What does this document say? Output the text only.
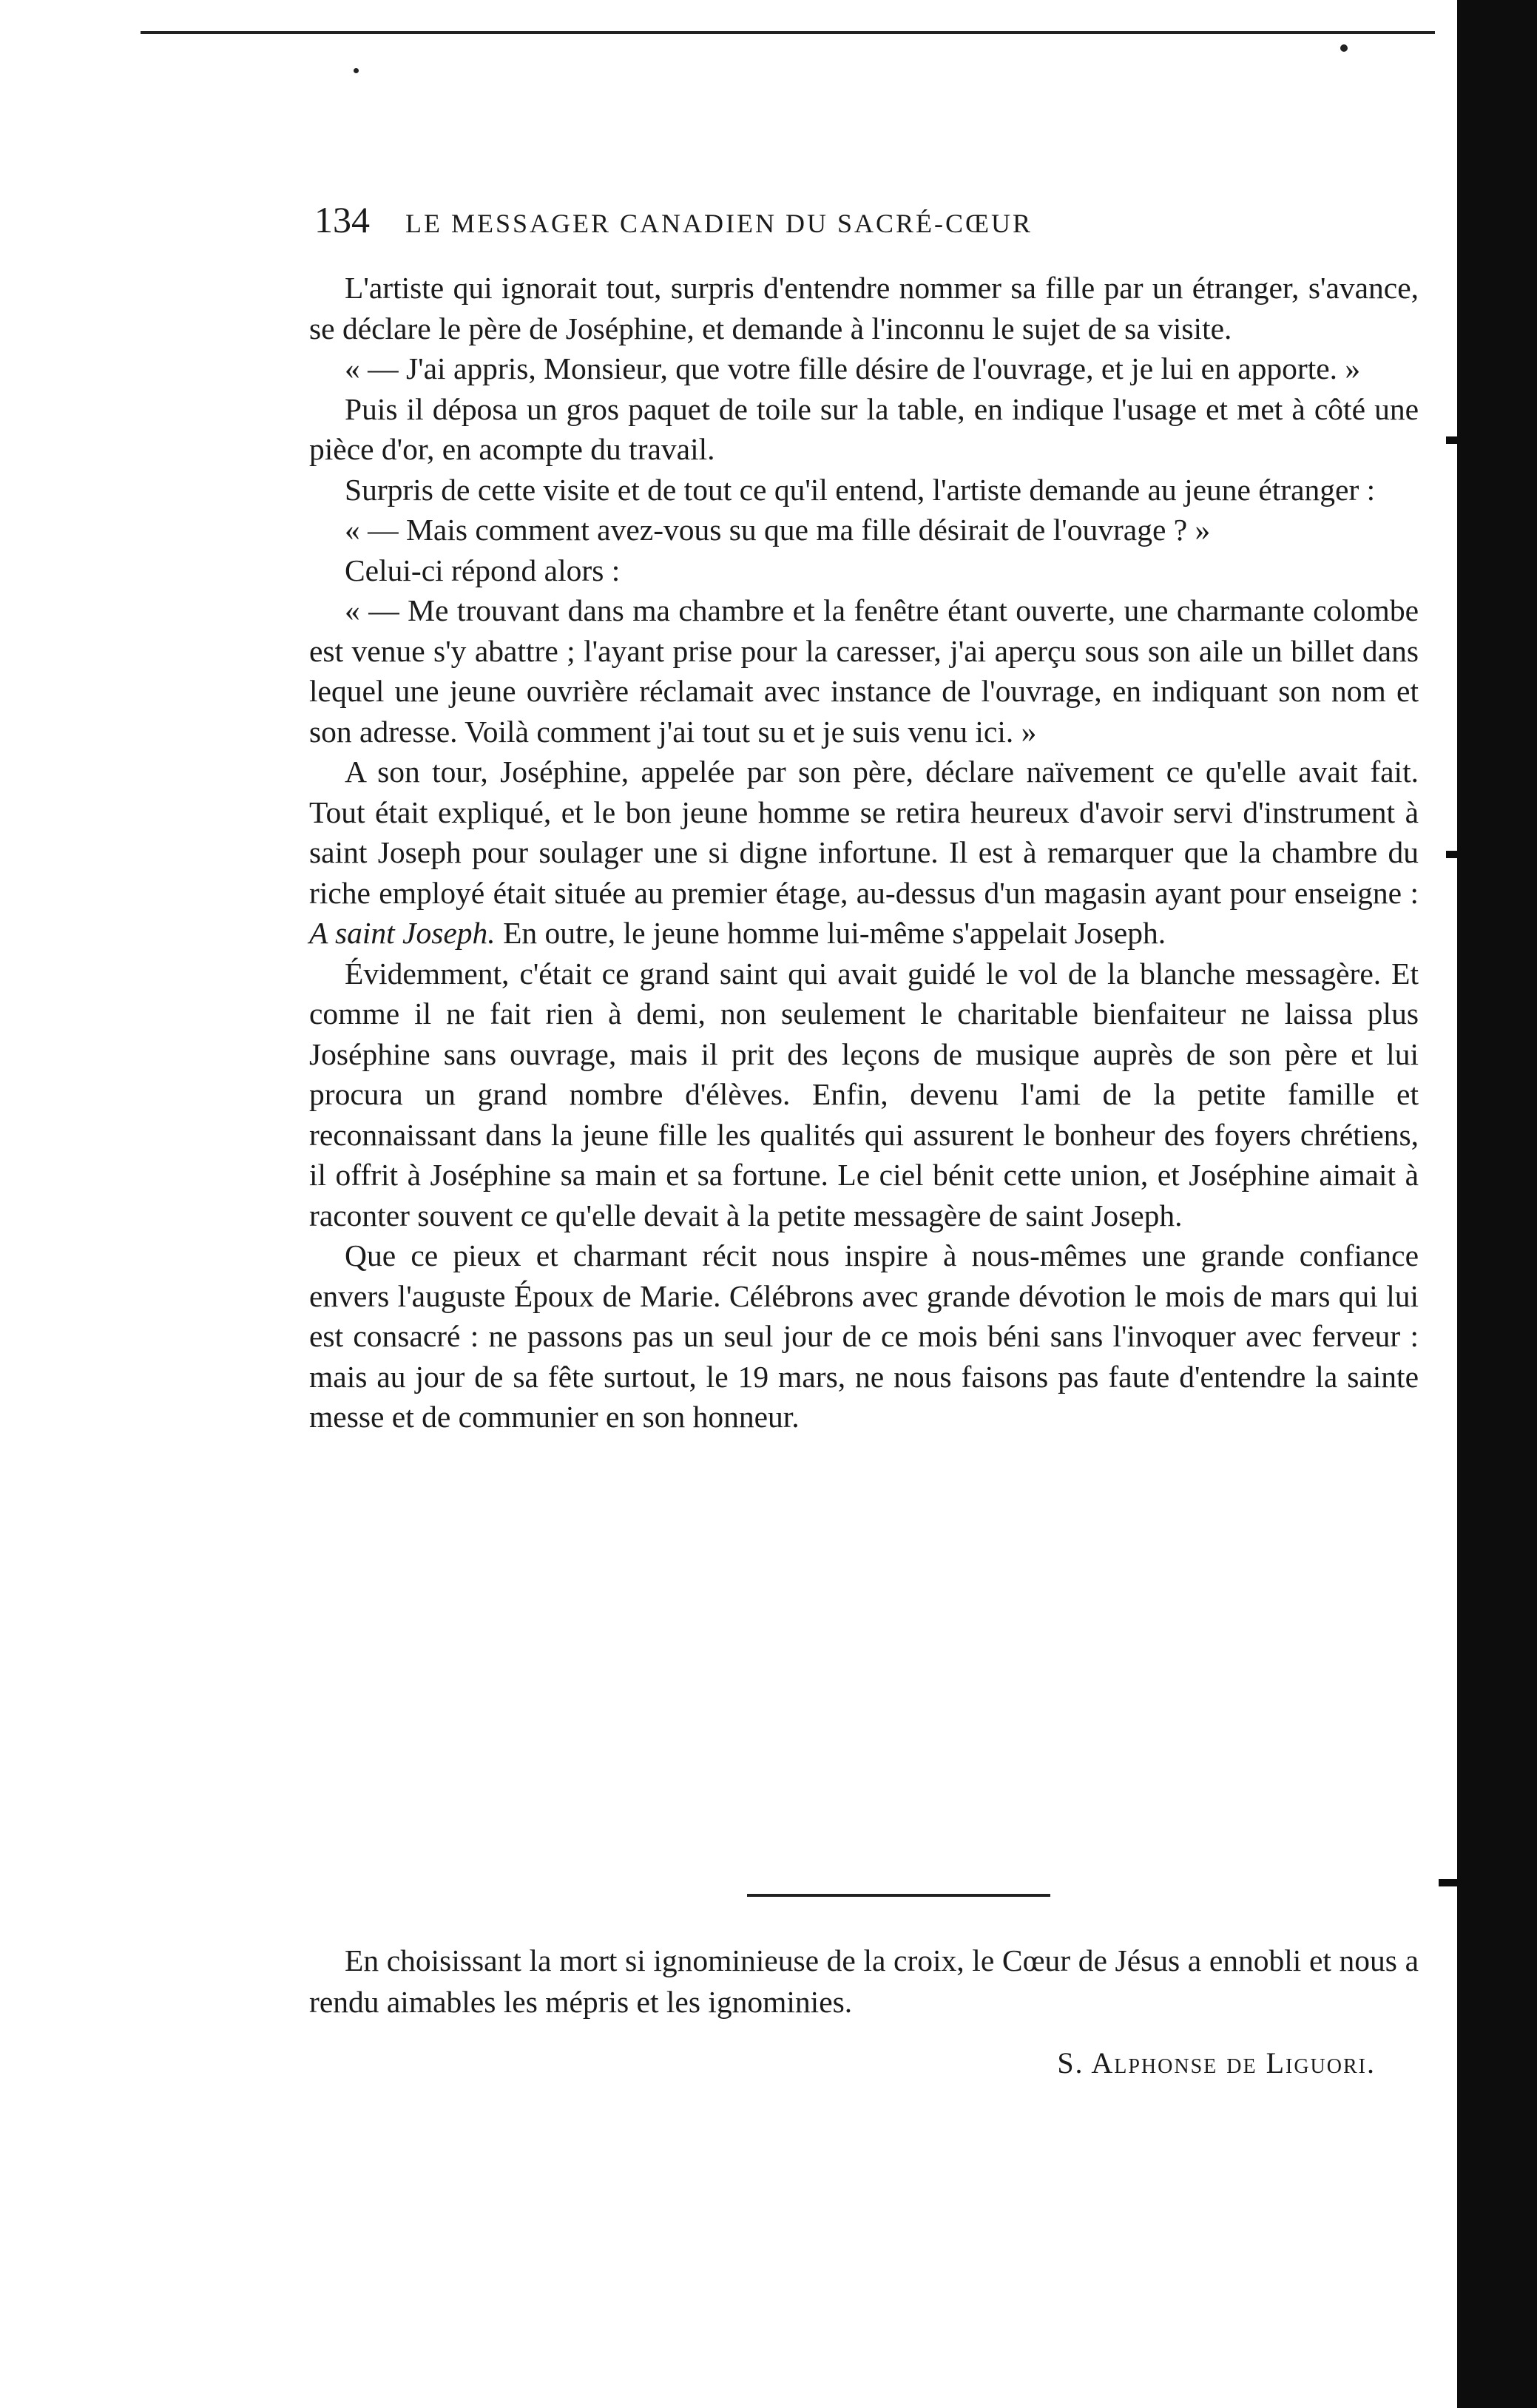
134 LE MESSAGER CANADIEN DU SACRÉ-CŒUR

L'artiste qui ignorait tout, surpris d'entendre nommer sa fille par un étranger, s'avance, se déclare le père de Joséphine, et demande à l'inconnu le sujet de sa visite.

« — J'ai appris, Monsieur, que votre fille désire de l'ouvrage, et je lui en apporte. »

Puis il déposa un gros paquet de toile sur la table, en indique l'usage et met à côté une pièce d'or, en acompte du travail.

Surpris de cette visite et de tout ce qu'il entend, l'artiste demande au jeune étranger :

« — Mais comment avez-vous su que ma fille désirait de l'ouvrage ? »

Celui-ci répond alors :

« — Me trouvant dans ma chambre et la fenêtre étant ouverte, une charmante colombe est venue s'y abattre ; l'ayant prise pour la caresser, j'ai aperçu sous son aile un billet dans lequel une jeune ouvrière réclamait avec instance de l'ouvrage, en indiquant son nom et son adresse. Voilà comment j'ai tout su et je suis venu ici. »

A son tour, Joséphine, appelée par son père, déclare naïvement ce qu'elle avait fait. Tout était expliqué, et le bon jeune homme se retira heureux d'avoir servi d'instrument à saint Joseph pour soulager une si digne infortune. Il est à remarquer que la chambre du riche employé était située au premier étage, au-dessus d'un magasin ayant pour enseigne : A saint Joseph. En outre, le jeune homme lui-même s'appelait Joseph.

Évidemment, c'était ce grand saint qui avait guidé le vol de la blanche messagère. Et comme il ne fait rien à demi, non seulement le charitable bienfaiteur ne laissa plus Joséphine sans ouvrage, mais il prit des leçons de musique auprès de son père et lui procura un grand nombre d'élèves. Enfin, devenu l'ami de la petite famille et reconnaissant dans la jeune fille les qualités qui assurent le bonheur des foyers chrétiens, il offrit à Joséphine sa main et sa fortune. Le ciel bénit cette union, et Joséphine aimait à raconter souvent ce qu'elle devait à la petite messagère de saint Joseph.

Que ce pieux et charmant récit nous inspire à nous-mêmes une grande confiance envers l'auguste Époux de Marie. Célébrons avec grande dévotion le mois de mars qui lui est consacré : ne passons pas un seul jour de ce mois béni sans l'invoquer avec ferveur : mais au jour de sa fête surtout, le 19 mars, ne nous faisons pas faute d'entendre la sainte messe et de communier en son honneur.

En choisissant la mort si ignominieuse de la croix, le Cœur de Jésus a ennobli et nous a rendu aimables les mépris et les ignominies.

S. Alphonse de Liguori.
